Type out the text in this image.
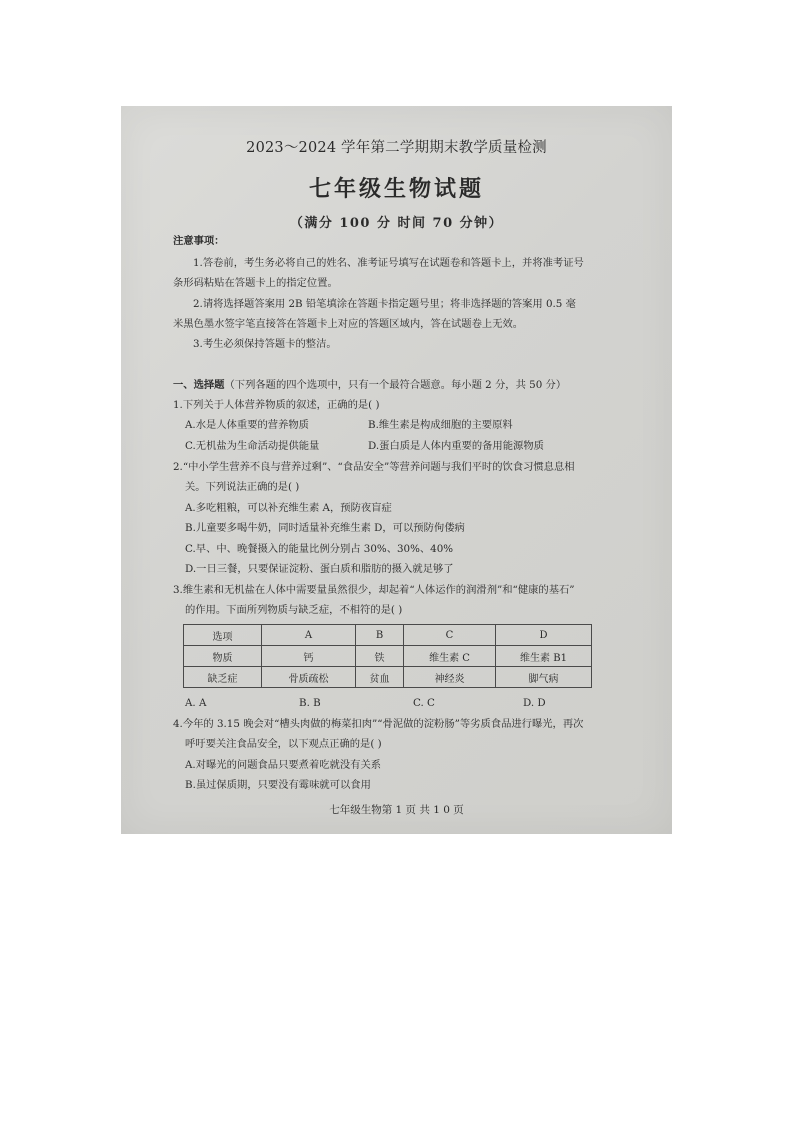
2023～2024 学年第二学期期末教学质量检测
七年级生物试题
（满分 100 分 时间 70 分钟）
注意事项：
1.答卷前，考生务必将自己的姓名、准考证号填写在试题卷和答题卡上，并将准考证号
条形码粘贴在答题卡上的指定位置。
2.请将选择题答案用 2B 铅笔填涂在答题卡指定题号里；将非选择题的答案用 0.5 毫
米黑色墨水签字笔直接答在答题卡上对应的答题区域内，答在试题卷上无效。
3.考生必须保持答题卡的整洁。
一、选择题（下列各题的四个选项中，只有一个最符合题意。每小题 2 分，共 50 分）
1.下列关于人体营养物质的叙述，正确的是( )
A.水是人体重要的营养物质	B.维生素是构成细胞的主要原料
C.无机盐为生命活动提供能量	D.蛋白质是人体内重要的备用能源物质
2.“中小学生营养不良与营养过剩”、“食品安全”等营养问题与我们平时的饮食习惯息息相
关。下列说法正确的是( )
A.多吃粗粮，可以补充维生素 A，预防夜盲症
B.儿童要多喝牛奶，同时适量补充维生素 D，可以预防佝偻病
C.早、中、晚餐摄入的能量比例分别占 30%、30%、40%
D.一日三餐，只要保证淀粉、蛋白质和脂肪的摄入就足够了
3.维生素和无机盐在人体中需要量虽然很少，却起着“人体运作的润滑剂”和“健康的基石”
的作用。下面所列物质与缺乏症，不相符的是( )
选项	A	B	C	D
物质	钙	铁	维生素 C	维生素 B1
缺乏症	骨质疏松	贫血	神经炎	脚气病
A. A	B. B	C. C	D. D
4.今年的 3.15 晚会对“槽头肉做的梅菜扣肉”“骨泥做的淀粉肠”等劣质食品进行曝光，再次
呼吁要关注食品安全，以下观点正确的是( )
A.对曝光的问题食品只要煮着吃就没有关系
B.虽过保质期，只要没有霉味就可以食用
七年级生物第 1 页 共 1 0 页
